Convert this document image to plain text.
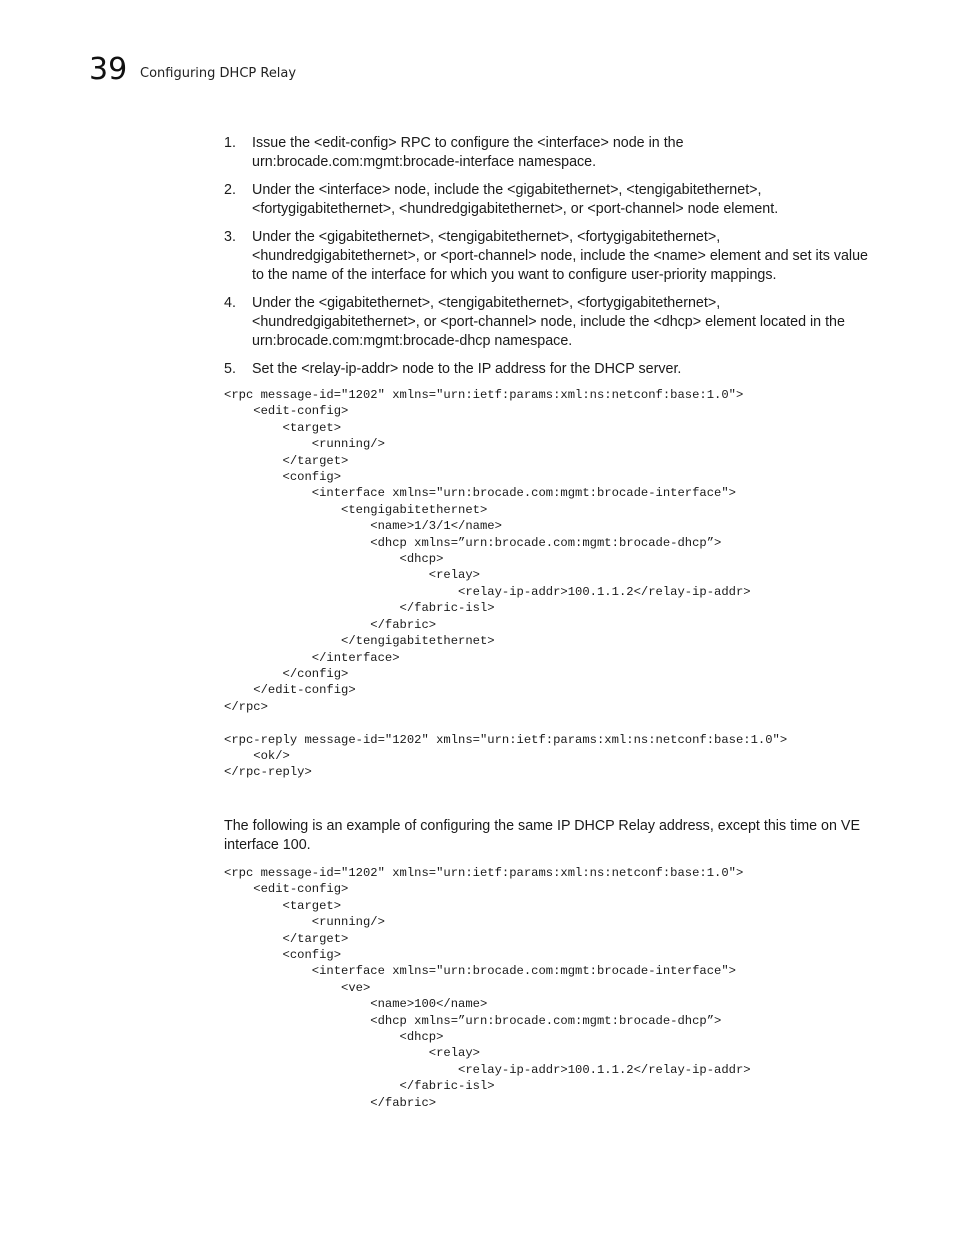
39 Configuring DHCP Relay
1. Issue the <edit-config> RPC to configure the <interface> node in the urn:brocade.com:mgmt:brocade-interface namespace.
2. Under the <interface> node, include the <gigabitethernet>, <tengigabitethernet>, <fortygigabitethernet>, <hundredgigabitethernet>, or <port-channel> node element.
3. Under the <gigabitethernet>, <tengigabitethernet>, <fortygigabitethernet>, <hundredgigabitethernet>, or <port-channel> node, include the <name> element and set its value to the name of the interface for which you want to configure user-priority mappings.
4. Under the <gigabitethernet>, <tengigabitethernet>, <fortygigabitethernet>, <hundredgigabitethernet>, or <port-channel> node, include the <dhcp> element located in the urn:brocade.com:mgmt:brocade-dhcp namespace.
5. Set the <relay-ip-addr> node to the IP address for the DHCP server.
<rpc message-id="1202" xmlns="urn:ietf:params:xml:ns:netconf:base:1.0">
<edit-config>
<target>
<running/>
</target>
<config>
<interface xmlns="urn:brocade.com:mgmt:brocade-interface">
<tengigabitethernet>
<name>1/3/1</name>
<dhcp xmlns=”urn:brocade.com:mgmt:brocade-dhcp”>
<dhcp>
<relay>
<relay-ip-addr>100.1.1.2</relay-ip-addr>
</fabric-isl>
</fabric>
</tengigabitethernet>
</interface>
</config>
</edit-config>
</rpc>

<rpc-reply message-id="1202" xmlns="urn:ietf:params:xml:ns:netconf:base:1.0">
<ok/>
</rpc-reply>

The following is an example of configuring the same IP DHCP Relay address, except this time on VE interface 100.

<rpc message-id="1202" xmlns="urn:ietf:params:xml:ns:netconf:base:1.0">
<edit-config>
<target>
<running/>
</target>
<config>
<interface xmlns="urn:brocade.com:mgmt:brocade-interface">
<ve>
<name>100</name>
<dhcp xmlns=”urn:brocade.com:mgmt:brocade-dhcp”>
<dhcp>
<relay>
<relay-ip-addr>100.1.1.2</relay-ip-addr>
</fabric-isl>
</fabric>
